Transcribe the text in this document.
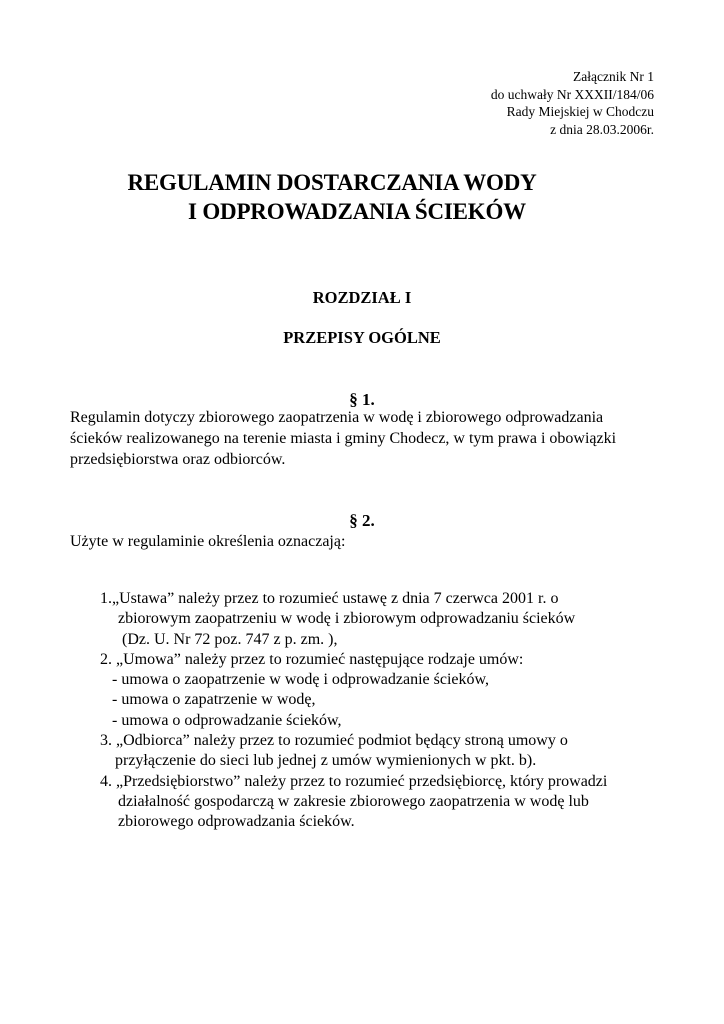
Załącznik Nr 1
do uchwały Nr XXXII/184/06
Rady Miejskiej w Chodczu
z dnia 28.03.2006r.
REGULAMIN DOSTARCZANIA WODY
I ODPROWADZANIA ŚCIEKÓW
ROZDZIAŁ I
PRZEPISY OGÓLNE
§ 1.
Regulamin dotyczy zbiorowego zaopatrzenia w wodę i zbiorowego odprowadzania
ścieków realizowanego na terenie miasta i gminy Chodecz, w tym prawa i obowiązki
przedsiębiorstwa oraz odbiorców.
§ 2.
Użyte w regulaminie określenia oznaczają:
1.„Ustawa” należy przez to rozumieć ustawę z dnia 7 czerwca 2001 r. o
zbiorowym zaopatrzeniu w wodę i zbiorowym odprowadzaniu ścieków
(Dz. U. Nr 72 poz. 747 z p. zm. ),
2. „Umowa” należy przez to rozumieć następujące rodzaje umów:
- umowa o zaopatrzenie w wodę i odprowadzanie ścieków,
- umowa o zapatrzenie w wodę,
- umowa o odprowadzanie ścieków,
3. „Odbiorca” należy przez to rozumieć podmiot będący stroną umowy o
przyłączenie do sieci lub jednej z umów wymienionych w pkt. b).
4. „Przedsiębiorstwo” należy przez to rozumieć przedsiębiorcę, który prowadzi
działalność gospodarczą w zakresie zbiorowego zaopatrzenia w wodę lub
zbiorowego odprowadzania ścieków.
